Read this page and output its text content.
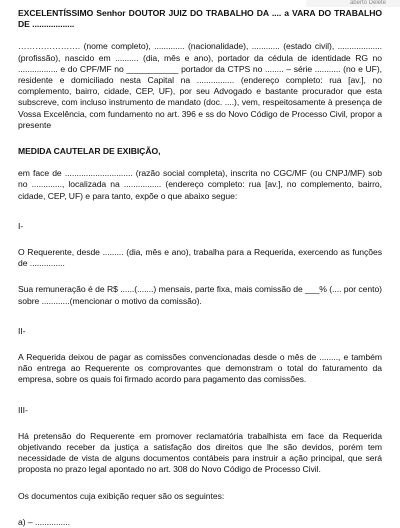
aberto Delete

EXCELENTÍSSIMO Senhor DOUTOR JUIZ DO TRABALHO DA .... a VARA DO TRABALHO DE ..................

…………………. (nome completo), ............. (nacionalidade), ............ (estado civil), ................... (profissão), nascido em .......... (dia, mês e ano), portador da cédula de identidade RG no ................. e do CPF/MF no ___________ portador da CTPS no ........ – série ........... (no e UF), residente e domiciliado nesta Capital na ................ (endereço completo: rua [av.], no complemento, bairro, cidade, CEP, UF), por seu Advogado e bastante procurador que esta subscreve, com incluso instrumento de mandato (doc. ....), vem, respeitosamente à presença de Vossa Excelência, com fundamento no art. 396 e ss do Novo Código de Processo Civil, propor a presente

MEDIDA CAUTELAR DE EXIBIÇÃO,

em face de ............................. (razão social completa), inscrita no CGC/MF (ou CNPJ/MF) sob no ............., localizada na ................ (endereço completo: rua [av.], no complemento, bairro, cidade, CEP, UF) e para tanto, expõe o que abaixo segue:

I-

O Requerente, desde ......... (dia, mês e ano), trabalha para a Requerida, exercendo as funções de ...............

Sua remuneração é de R$ ......(.......) mensais, parte fixa, mais comissão de ___% (.... por cento) sobre ............(mencionar o motivo da comissão).

II-

A Requerida deixou de pagar as comissões convencionadas desde o mês de ........, e também não entrega ao Requerente os comprovantes que demonstram o total do faturamento da empresa, sobre os quais foi firmado acordo para pagamento das comissões.

III-

Há pretensão do Requerente em promover reclamatória trabalhista em face da Requerida objetivando receber da justiça a satisfação dos direitos que lhe são devidos, porém tem necessidade de vista de alguns documentos contábeis para instruir a ação principal, que será proposta no prazo legal apontado no art. 308 do Novo Código de Processo Civil.

Os documentos cuja exibição requer são os seguintes:

a) – ...............
